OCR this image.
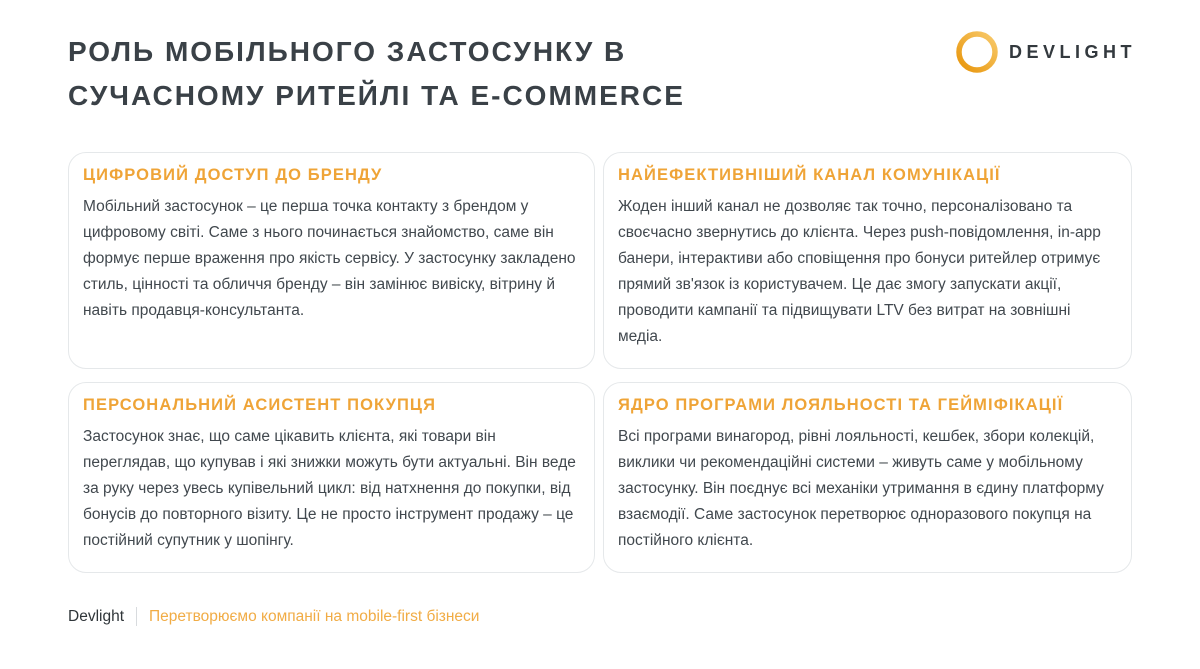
РОЛЬ МОБІЛЬНОГО ЗАСТОСУНКУ В
СУЧАСНОМУ РИТЕЙЛІ ТА E-COMMERCE
DEVLIGHT
ЦИФРОВИЙ ДОСТУП ДО БРЕНДУ

Мобільний застосунок – це перша точка контакту з брендом у цифровому світі. Саме з нього починається знайомство, саме він формує перше враження про якість сервісу. У застосунку закладено стиль, цінності та обличчя бренду – він замінює вивіску, вітрину й навіть продавця-консультанта.

НАЙЕФЕКТИВНІШИЙ КАНАЛ КОМУНІКАЦІЇ

Жоден інший канал не дозволяє так точно, персоналізовано та своєчасно звернутись до клієнта. Через push-повідомлення, in-app банери, інтерактиви або сповіщення про бонуси ритейлер отримує прямий зв'язок із користувачем. Це дає змогу запускати акції, проводити кампанії та підвищувати LTV без витрат на зовнішні медіа.

ПЕРСОНАЛЬНИЙ АСИСТЕНТ ПОКУПЦЯ

Застосунок знає, що саме цікавить клієнта, які товари він переглядав, що купував і які знижки можуть бути актуальні. Він веде за руку через увесь купівельний цикл: від натхнення до покупки, від бонусів до повторного візиту. Це не просто інструмент продажу – це постійний супутник у шопінгу.

ЯДРО ПРОГРАМИ ЛОЯЛЬНОСТІ ТА ГЕЙМІФІКАЦІЇ

Всі програми винагород, рівні лояльності, кешбек, збори колекцій, виклики чи рекомендаційні системи – живуть саме у мобільному застосунку. Він поєднує всі механіки утримання в єдину платформу взаємодії. Саме застосунок перетворює одноразового покупця на постійного клієнта.

Devlight Перетворюємо компанії на mobile-first бізнеси
